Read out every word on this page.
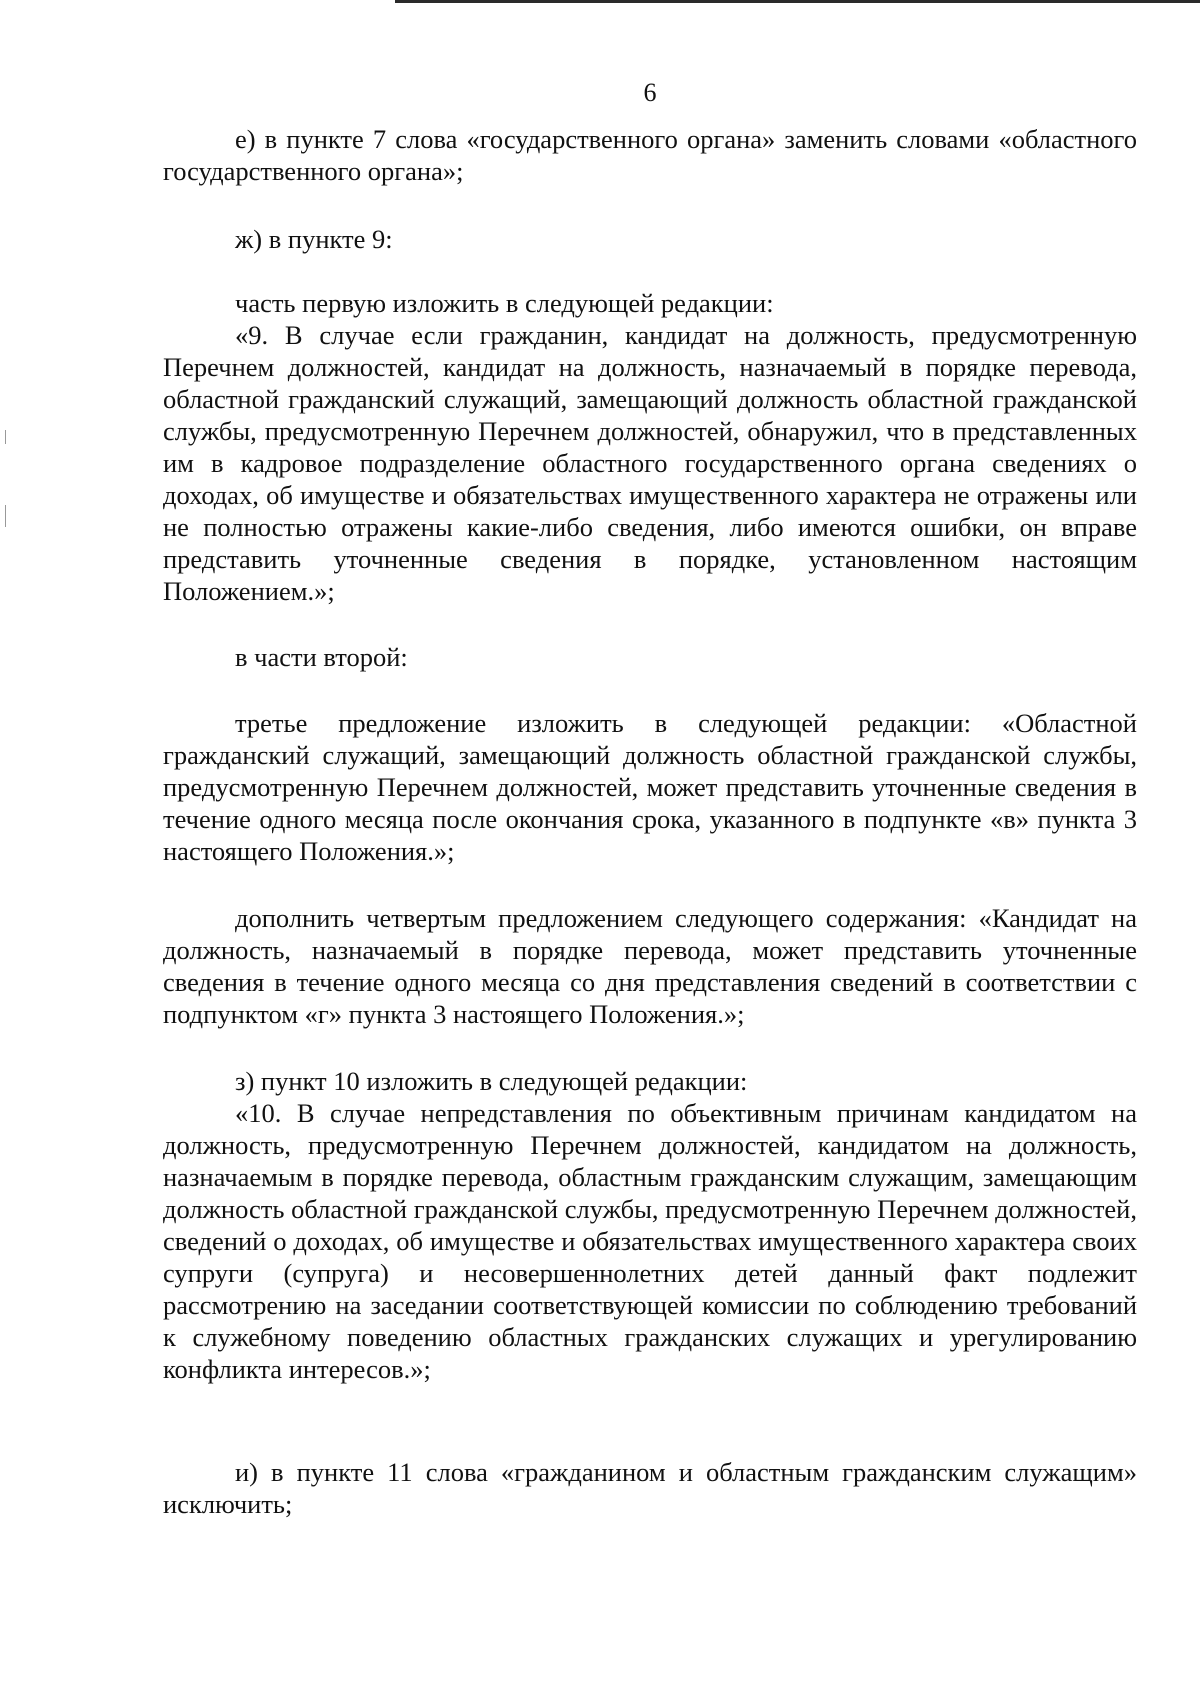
6

е) в пункте 7 слова «государственного органа» заменить словами «областного государственного органа»;

ж) в пункте 9:

часть первую изложить в следующей редакции:

«9. В случае если гражданин, кандидат на должность, предусмотренную Перечнем должностей, кандидат на должность, назначаемый в порядке перевода, областной гражданский служащий, замещающий должность областной гражданской службы, предусмотренную Перечнем должностей, обнаружил, что в представленных им в кадровое подразделение областного государственного органа сведениях о доходах, об имуществе и обязательствах имущественного характера не отражены или не полностью отражены какие-либо сведения, либо имеются ошибки, он вправе представить уточненные сведения в порядке, установленном настоящим Положением.»;

в части второй:

третье предложение изложить в следующей редакции: «Областной гражданский служащий, замещающий должность областной гражданской службы, предусмотренную Перечнем должностей, может представить уточненные сведения в течение одного месяца после окончания срока, указанного в подпункте «в» пункта 3 настоящего Положения.»;

дополнить четвертым предложением следующего содержания: «Кандидат на должность, назначаемый в порядке перевода, может представить уточненные сведения в течение одного месяца со дня представления сведений в соответствии с подпунктом «г» пункта 3 настоящего Положения.»;

з) пункт 10 изложить в следующей редакции:

«10. В случае непредставления по объективным причинам кандидатом на должность, предусмотренную Перечнем должностей, кандидатом на должность, назначаемым в порядке перевода, областным гражданским служащим, замещающим должность областной гражданской службы, предусмотренную Перечнем должностей, сведений о доходах, об имуществе и обязательствах имущественного характера своих супруги (супруга) и несовершеннолетних детей данный факт подлежит рассмотрению на заседании соответствующей комиссии по соблюдению требований к служебному поведению областных гражданских служащих и урегулированию конфликта интересов.»;

и) в пункте 11 слова «гражданином и областным гражданским служащим» исключить;
